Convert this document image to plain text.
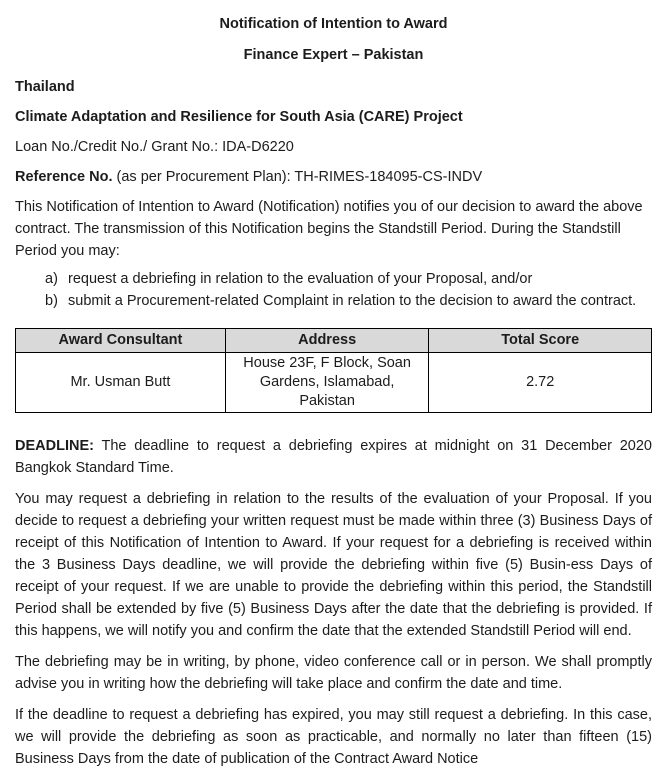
Notification of Intention to Award
Finance Expert – Pakistan
Thailand
Climate Adaptation and Resilience for South Asia (CARE) Project
Loan No./Credit No./ Grant No.: IDA-D6220
Reference No. (as per Procurement Plan): TH-RIMES-184095-CS-INDV
This Notification of Intention to Award (Notification) notifies you of our decision to award the above contract. The transmission of this Notification begins the Standstill Period. During the Standstill Period you may:
a) request a debriefing in relation to the evaluation of your Proposal, and/or
b) submit a Procurement-related Complaint in relation to the decision to award the contract.
Award Consultant	Address	Total Score
Mr. Usman Butt	House 23F, F Block, Soan Gardens, Islamabad, Pakistan	2.72
DEADLINE: The deadline to request a debriefing expires at midnight on 31 December 2020 Bangkok Standard Time.
You may request a debriefing in relation to the results of the evaluation of your Proposal. If you decide to request a debriefing your written request must be made within three (3) Business Days of receipt of this Notification of Intention to Award. If your request for a debriefing is received within the 3 Business Days deadline, we will provide the debriefing within five (5) Busin-ess Days of receipt of your request. If we are unable to provide the debriefing within this period, the Standstill Period shall be extended by five (5) Business Days after the date that the debriefing is provided. If this happens, we will notify you and confirm the date that the extended Standstill Period will end.
The debriefing may be in writing, by phone, video conference call or in person. We shall promptly advise you in writing how the debriefing will take place and confirm the date and time.
If the deadline to request a debriefing has expired, you may still request a debriefing. In this case, we will provide the debriefing as soon as practicable, and normally no later than fifteen (15) Business Days from the date of publication of the Contract Award Notice
